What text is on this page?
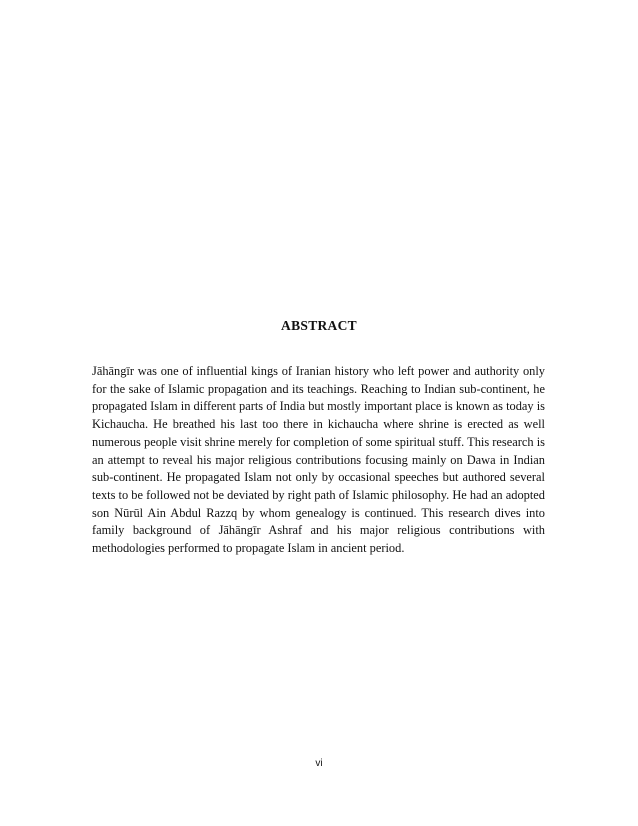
ABSTRACT

Jāhāngīr was one of influential kings of Iranian history who left power and authority only for the sake of Islamic propagation and its teachings. Reaching to Indian sub-continent, he propagated Islam in different parts of India but mostly important place is known as today is Kichaucha. He breathed his last too there in kichaucha where shrine is erected as well numerous people visit shrine merely for completion of some spiritual stuff. This research is an attempt to reveal his major religious contributions focusing mainly on Dawa in Indian sub-continent. He propagated Islam not only by occasional speeches but authored several texts to be followed not be deviated by right path of Islamic philosophy. He had an adopted son Nūrūl Ain Abdul Razzq by whom genealogy is continued. This research dives into family background of Jāhāngīr Ashraf and his major religious contributions with methodologies performed to propagate Islam in ancient period.

vi
